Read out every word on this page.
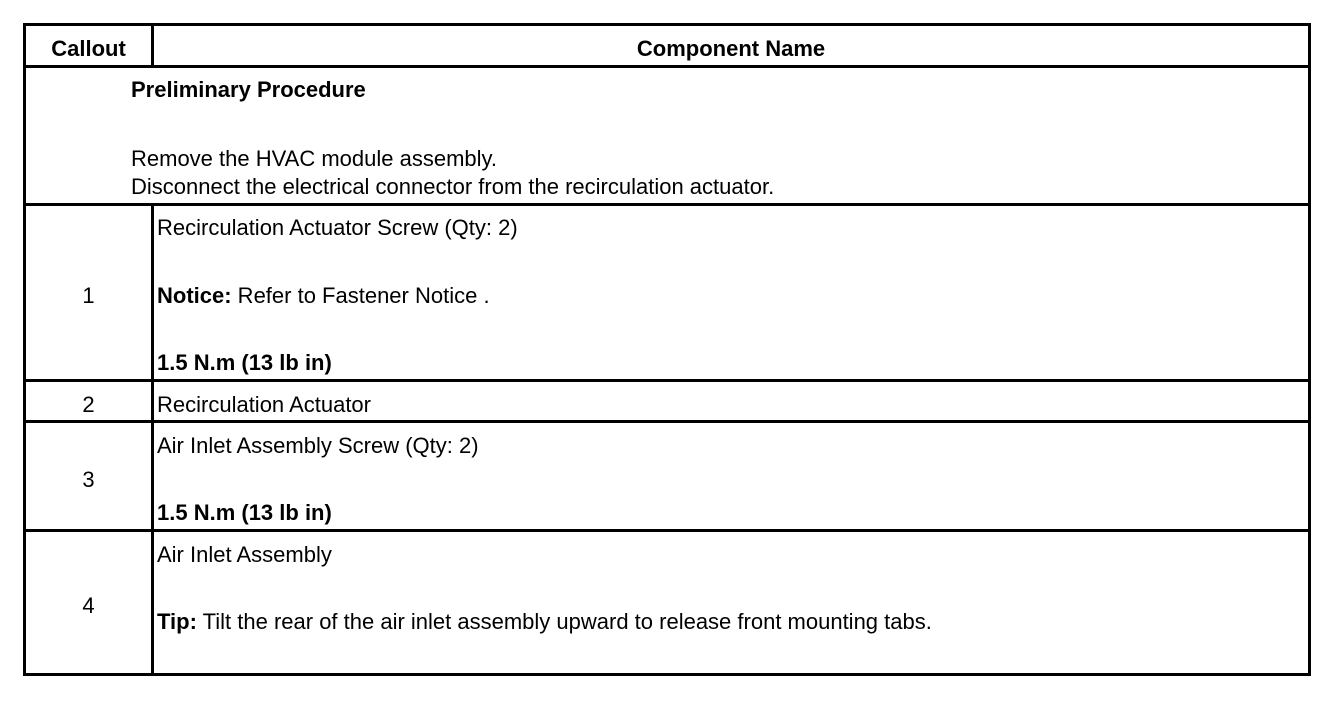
Callout	Component Name
Preliminary Procedure
Remove the HVAC module assembly.
Disconnect the electrical connector from the recirculation actuator.
1
Recirculation Actuator Screw (Qty: 2)
Notice: Refer to Fastener Notice .
1.5 N.m (13 lb in)
2	Recirculation Actuator
3
Air Inlet Assembly Screw (Qty: 2)
1.5 N.m (13 lb in)
4
Air Inlet Assembly
Tip: Tilt the rear of the air inlet assembly upward to release front mounting tabs.
